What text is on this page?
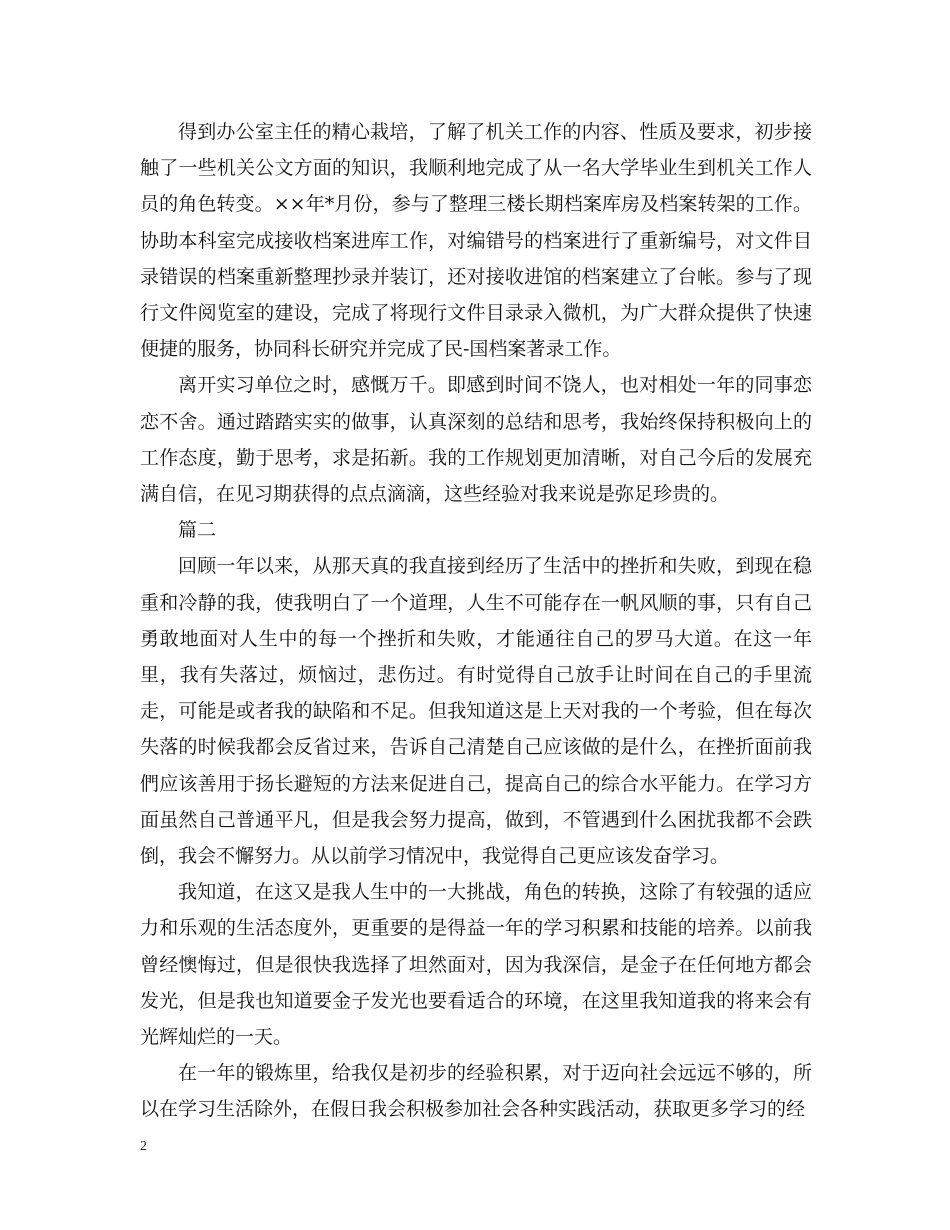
得到办公室主任的精心栽培，了解了机关工作的内容、性质及要求，初步接触了一些机关公文方面的知识，我顺利地完成了从一名大学毕业生到机关工作人员的角色转变。××年*月份，参与了整理三楼长期档案库房及档案转架的工作。协助本科室完成接收档案进库工作，对编错号的档案进行了重新编号，对文件目录错误的档案重新整理抄录并装订，还对接收进馆的档案建立了台帐。参与了现行文件阅览室的建设，完成了将现行文件目录录入微机，为广大群众提供了快速便捷的服务，协同科长研究并完成了民-国档案著录工作。

离开实习单位之时，感慨万千。即感到时间不饶人，也对相处一年的同事恋恋不舍。通过踏踏实实的做事，认真深刻的总结和思考，我始终保持积极向上的工作态度，勤于思考，求是拓新。我的工作规划更加清晰，对自己今后的发展充满自信，在见习期获得的点点滴滴，这些经验对我来说是弥足珍贵的。

篇二

回顾一年以来，从那天真的我直接到经历了生活中的挫折和失败，到现在稳重和冷静的我，使我明白了一个道理，人生不可能存在一帆风顺的事，只有自己勇敢地面对人生中的每一个挫折和失败，才能通往自己的罗马大道。在这一年里，我有失落过，烦恼过，悲伤过。有时觉得自己放手让时间在自己的手里流走，可能是或者我的缺陷和不足。但我知道这是上天对我的一个考验，但在每次失落的时候我都会反省过来，告诉自己清楚自己应该做的是什么，在挫折面前我們应该善用于扬长避短的方法来促进自己，提高自己的综合水平能力。在学习方面虽然自己普通平凡，但是我会努力提高，做到，不管遇到什么困扰我都不会跌倒，我会不懈努力。从以前学习情况中，我觉得自己更应该发奋学习。

我知道，在这又是我人生中的一大挑战，角色的转换，这除了有较强的适应力和乐观的生活态度外，更重要的是得益一年的学习积累和技能的培养。以前我曾经懊悔过，但是很快我选择了坦然面对，因为我深信，是金子在任何地方都会发光，但是我也知道要金子发光也要看适合的环境，在这里我知道我的将来会有光辉灿烂的一天。

在一年的锻炼里，给我仅是初步的经验积累，对于迈向社会远远不够的，所以在学习生活除外，在假日我会积极参加社会各种实践活动，获取更多学习的经

2
